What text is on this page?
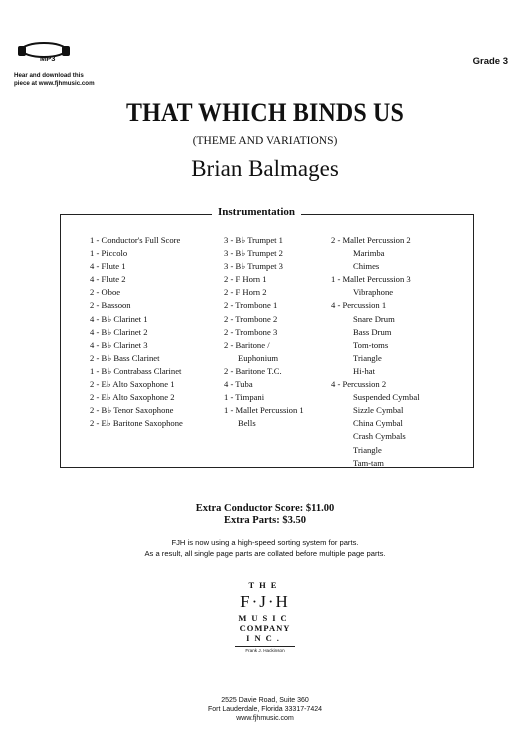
MP3
Hear and download this
piece at www.fjhmusic.com
Grade 3
THAT WHICH BINDS US
(THEME AND VARIATIONS)
Brian Balmages
Instrumentation
1 - Conductor's Full Score
1 - Piccolo
4 - Flute 1
4 - Flute 2
2 - Oboe
2 - Bassoon
4 - B♭ Clarinet 1
4 - B♭ Clarinet 2
4 - B♭ Clarinet 3
2 - B♭ Bass Clarinet
1 - B♭ Contrabass Clarinet
2 - E♭ Alto Saxophone 1
2 - E♭ Alto Saxophone 2
2 - B♭ Tenor Saxophone
2 - E♭ Baritone Saxophone
3 - B♭ Trumpet 1
3 - B♭ Trumpet 2
3 - B♭ Trumpet 3
2 - F Horn 1
2 - F Horn 2
2 - Trombone 1
2 - Trombone 2
2 - Trombone 3
2 - Baritone /
Euphonium
2 - Baritone T.C.
4 - Tuba
1 - Timpani
1 - Mallet Percussion 1
Bells
2 - Mallet Percussion 2
Marimba
Chimes
1 - Mallet Percussion 3
Vibraphone
4 - Percussion 1
Snare Drum
Bass Drum
Tom-toms
Triangle
Hi-hat
4 - Percussion 2
Suspended Cymbal
Sizzle Cymbal
China Cymbal
Crash Cymbals
Triangle
Tam-tam
Extra Conductor Score: $11.00
Extra Parts: $3.50
FJH is now using a high-speed sorting system for parts.
As a result, all single page parts are collated before multiple page parts.
THE
F·J·H
MUSIC
COMPANY
INC.
Frank J. Hackinson
2525 Davie Road, Suite 360
Fort Lauderdale, Florida 33317-7424
www.fjhmusic.com
